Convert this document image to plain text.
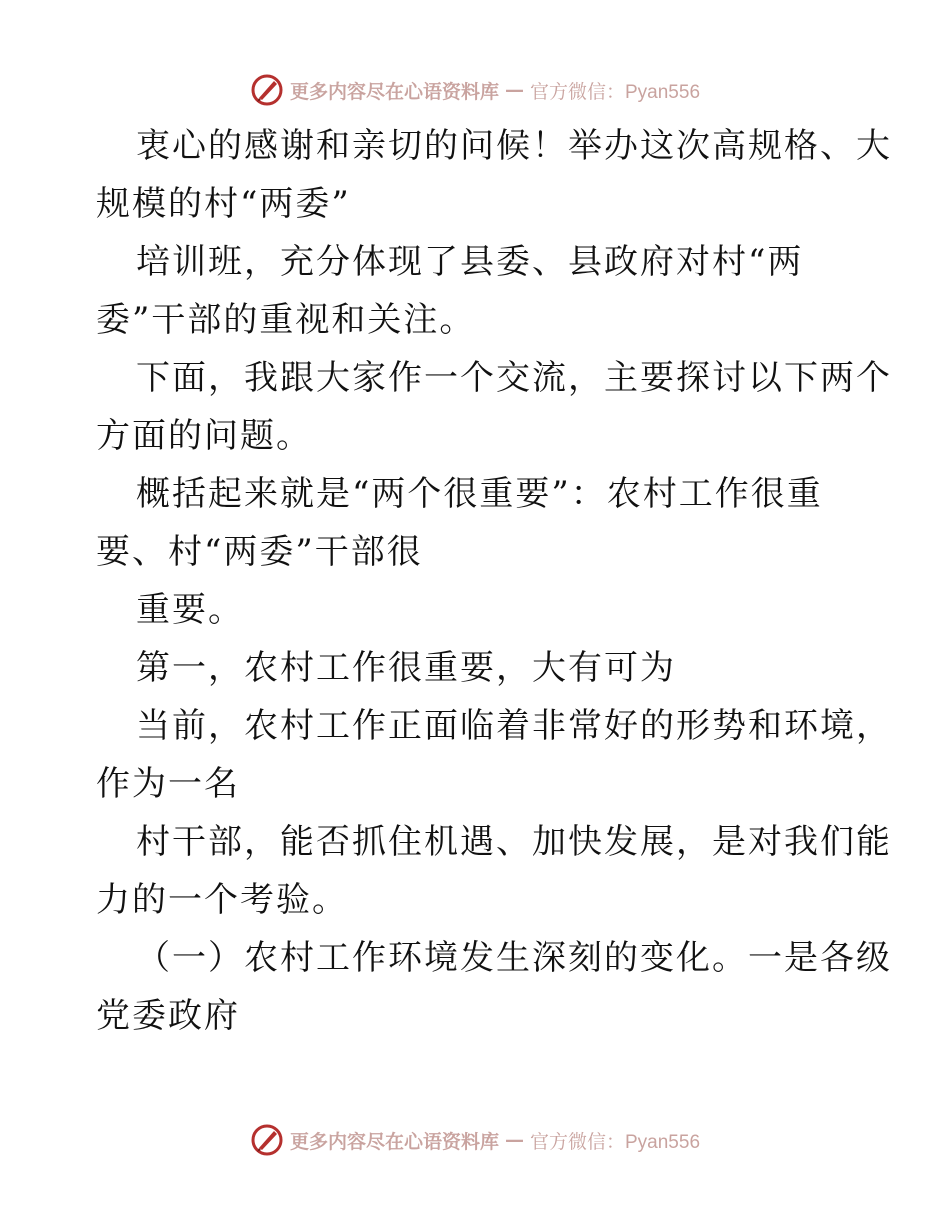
更多内容尽在心语资料库 — 官方微信：Pyan556
衷心的感谢和亲切的问候！举办这次高规格、大
规模的村“两委”
培训班，充分体现了县委、县政府对村“两
委”干部的重视和关注。
下面，我跟大家作一个交流，主要探讨以下两个
方面的问题。
概括起来就是“两个很重要”：农村工作很重
要、村“两委”干部很
重要。
第一，农村工作很重要，大有可为
当前，农村工作正面临着非常好的形势和环境，
作为一名
村干部，能否抓住机遇、加快发展，是对我们能
力的一个考验。
（一）农村工作环境发生深刻的变化。一是各级
党委政府
更多内容尽在心语资料库 — 官方微信：Pyan556
